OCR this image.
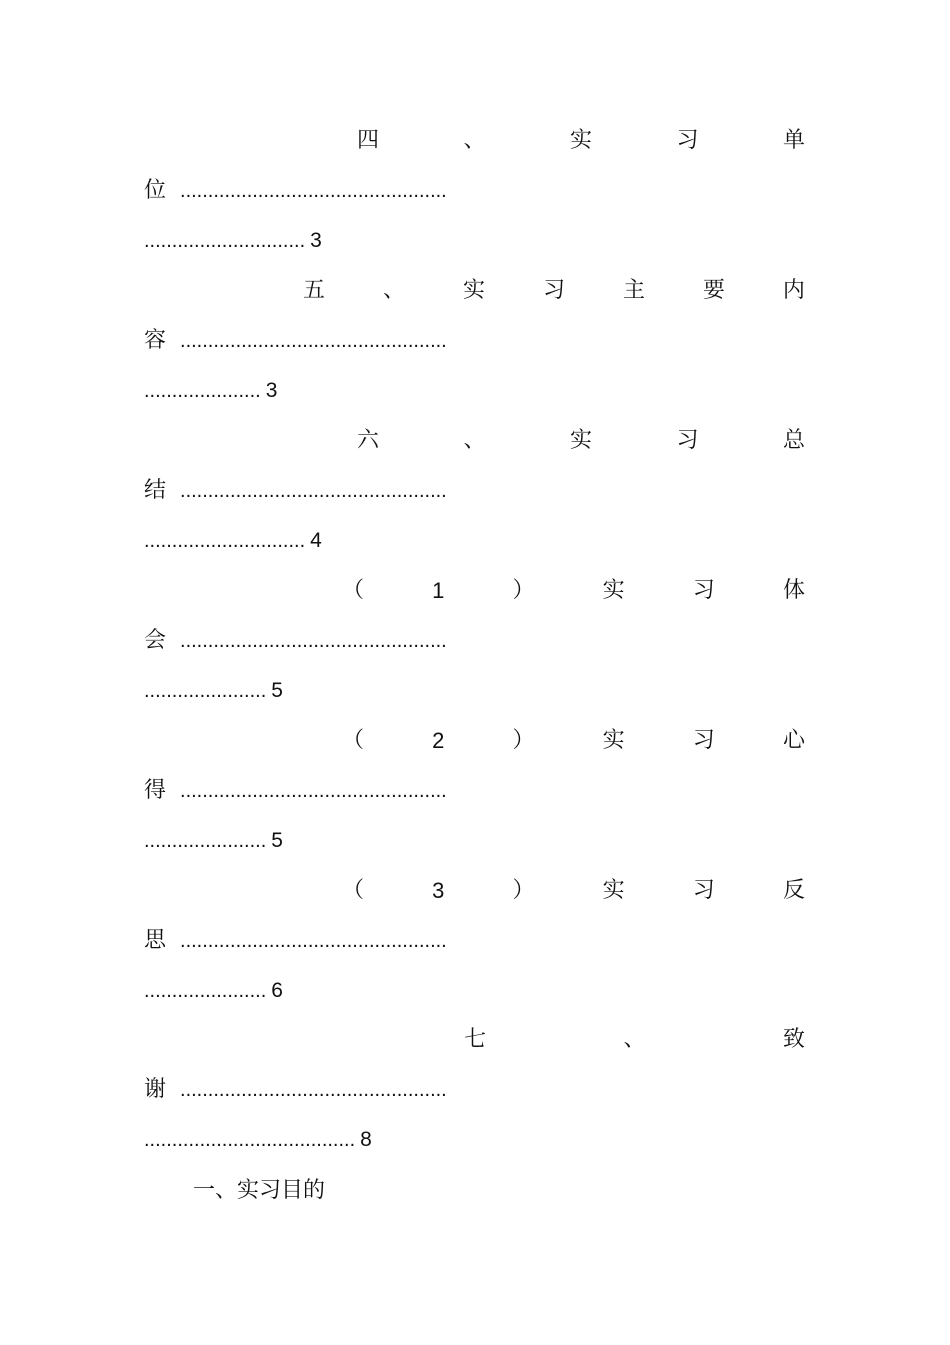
四	、	实	习	单
位 ................................................
............................. 3
五	、	实	习	主	要	内
容 ................................................
..................... 3
六	、	实	习	总
结 ................................................
............................. 4
（	1	）	实	习	体
会 ................................................
...................... 5
（	2	）	实	习	心
得 ................................................
...................... 5
（	3	）	实	习	反
思 ................................................
...................... 6
七	、	致
谢 ................................................
...................................... 8
一、实习目的
